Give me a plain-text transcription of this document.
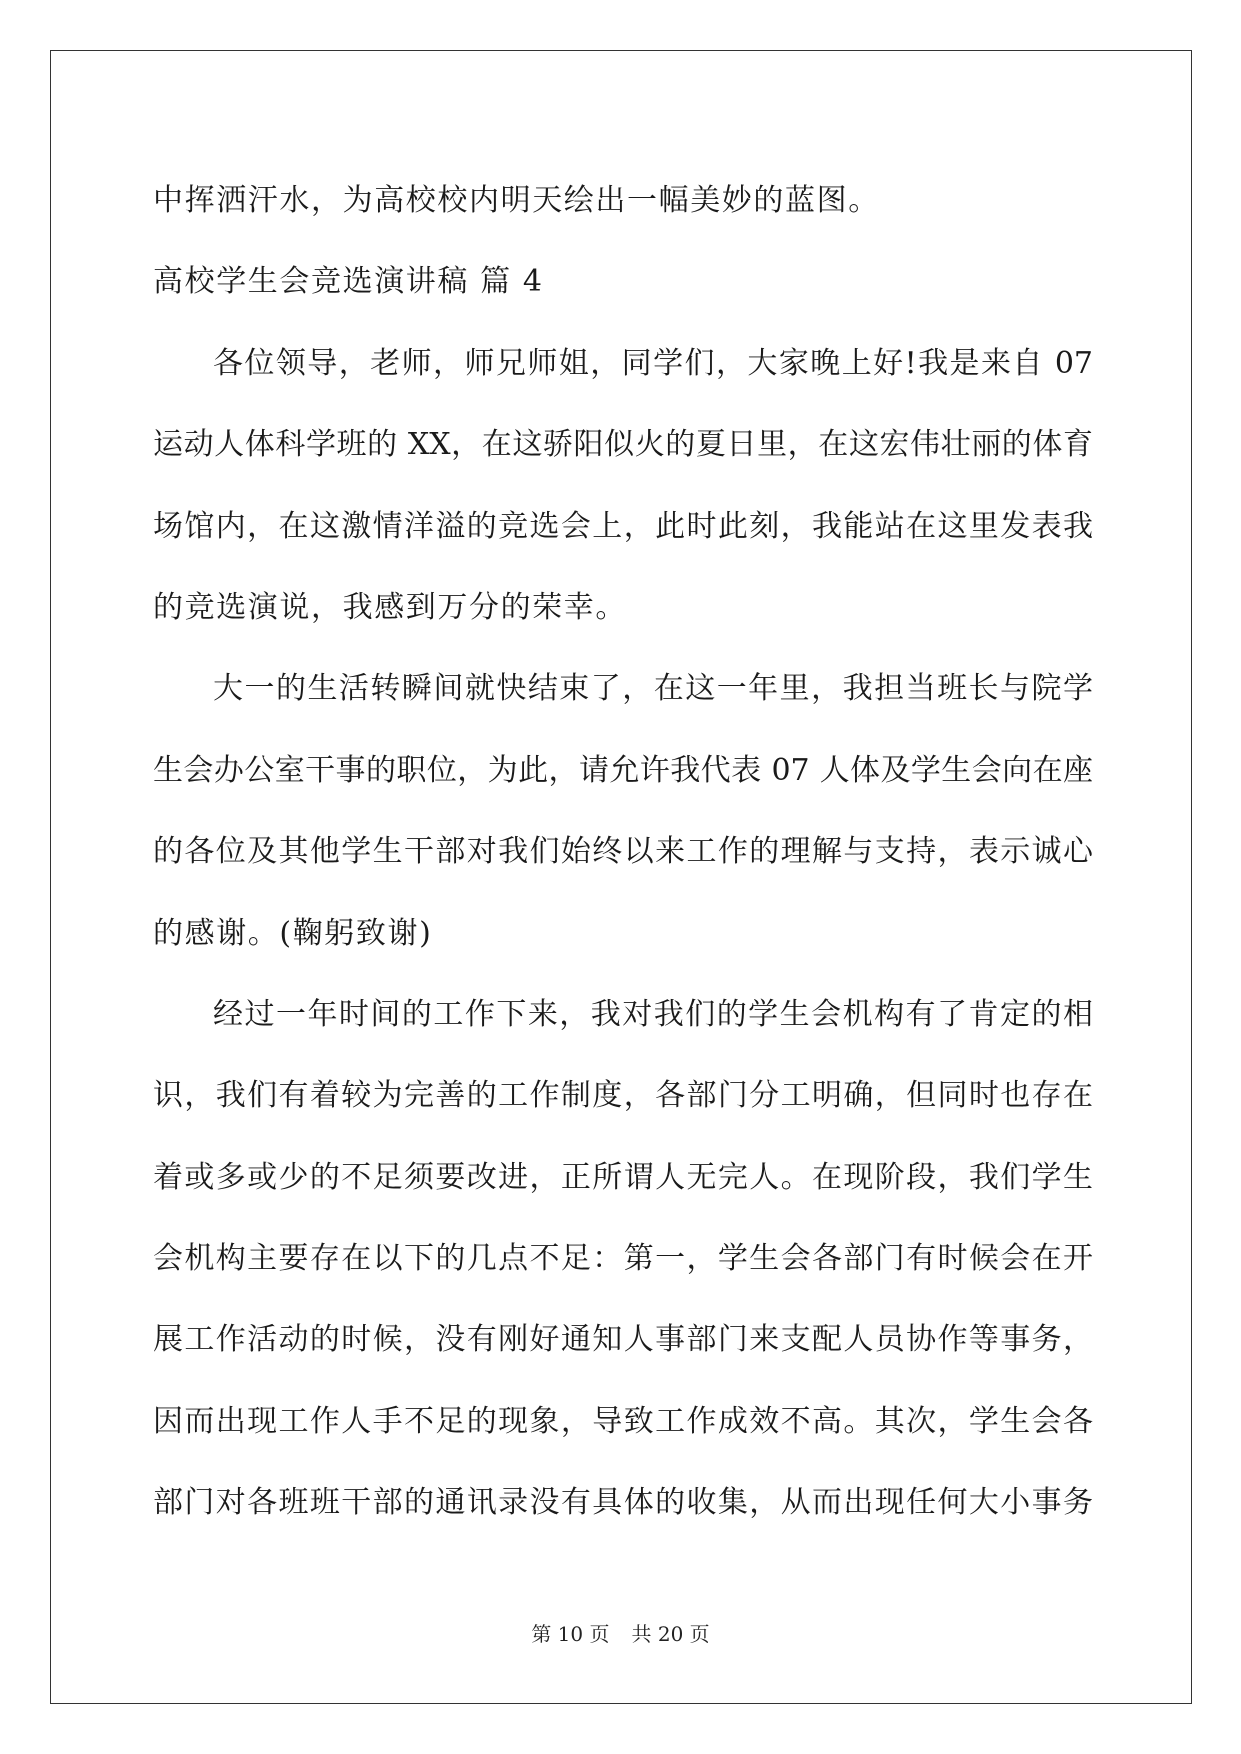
中挥洒汗水，为高校校内明天绘出一幅美妙的蓝图。
高校学生会竞选演讲稿 篇 4
各位领导，老师，师兄师姐，同学们，大家晚上好!我是来自 07
运动人体科学班的 XX，在这骄阳似火的夏日里，在这宏伟壮丽的体育
场馆内，在这激情洋溢的竞选会上，此时此刻，我能站在这里发表我
的竞选演说，我感到万分的荣幸。
大一的生活转瞬间就快结束了，在这一年里，我担当班长与院学
生会办公室干事的职位，为此，请允许我代表 07 人体及学生会向在座
的各位及其他学生干部对我们始终以来工作的理解与支持，表示诚心
的感谢。(鞠躬致谢)
经过一年时间的工作下来，我对我们的学生会机构有了肯定的相
识，我们有着较为完善的工作制度，各部门分工明确，但同时也存在
着或多或少的不足须要改进，正所谓人无完人。在现阶段，我们学生
会机构主要存在以下的几点不足：第一，学生会各部门有时候会在开
展工作活动的时候，没有刚好通知人事部门来支配人员协作等事务，
因而出现工作人手不足的现象，导致工作成效不高。其次，学生会各
部门对各班班干部的通讯录没有具体的收集，从而出现任何大小事务
第 10 页 共 20 页
